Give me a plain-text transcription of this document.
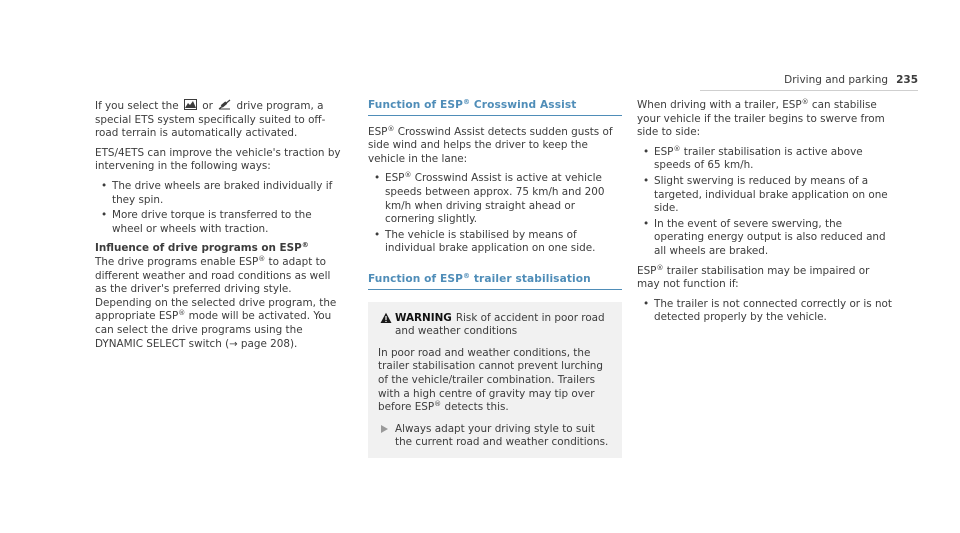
Driving and parking 235

If you select the or drive program, a special ETS system specifically suited to off-road terrain is automatically activated.

ETS/4ETS can improve the vehicle's traction by intervening in the following ways:

• The drive wheels are braked individually if they spin.
• More drive torque is transferred to the wheel or wheels with traction.
Influence of drive programs on ESP®

The drive programs enable ESP® to adapt to different weather and road conditions as well as the driver's preferred driving style. Depending on the selected drive program, the appropriate ESP® mode will be activated. You can select the drive programs using the DYNAMIC SELECT switch (→ page 208).

Function of ESP® Crosswind Assist

ESP® Crosswind Assist detects sudden gusts of side wind and helps the driver to keep the vehicle in the lane:

• ESP® Crosswind Assist is active at vehicle speeds between approx. 75 km/h and 200 km/h when driving straight ahead or cornering slightly.
• The vehicle is stabilised by means of individual brake application on one side.
Function of ESP® trailer stabilisation
WARNING Risk of accident in poor road and weather conditions
In poor road and weather conditions, the trailer stabilisation cannot prevent lurching of the vehicle/trailer combination. Trailers with a high centre of gravity may tip over before ESP® detects this.
Always adapt your driving style to suit the current road and weather conditions.

When driving with a trailer, ESP® can stabilise your vehicle if the trailer begins to swerve from side to side:

• ESP® trailer stabilisation is active above speeds of 65 km/h.
• Slight swerving is reduced by means of a targeted, individual brake application on one side.
• In the event of severe swerving, the operating energy output is also reduced and all wheels are braked.

ESP® trailer stabilisation may be impaired or may not function if:

• The trailer is not connected correctly or is not detected properly by the vehicle.
